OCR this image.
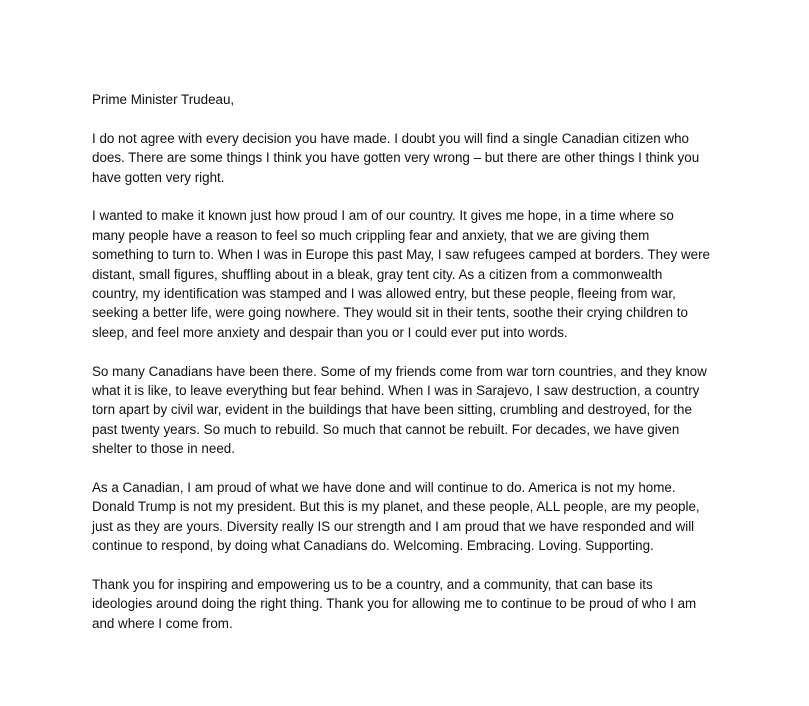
Prime Minister Trudeau,
I do not agree with every decision you have made. I doubt you will find a single Canadian citizen who
does. There are some things I think you have gotten very wrong – but there are other things I think you
have gotten very right.
I wanted to make it known just how proud I am of our country. It gives me hope, in a time where so
many people have a reason to feel so much crippling fear and anxiety, that we are giving them
something to turn to. When I was in Europe this past May, I saw refugees camped at borders. They were
distant, small figures, shuffling about in a bleak, gray tent city. As a citizen from a commonwealth
country, my identification was stamped and I was allowed entry, but these people, fleeing from war,
seeking a better life, were going nowhere. They would sit in their tents, soothe their crying children to
sleep, and feel more anxiety and despair than you or I could ever put into words.
So many Canadians have been there. Some of my friends come from war torn countries, and they know
what it is like, to leave everything but fear behind. When I was in Sarajevo, I saw destruction, a country
torn apart by civil war, evident in the buildings that have been sitting, crumbling and destroyed, for the
past twenty years. So much to rebuild. So much that cannot be rebuilt. For decades, we have given
shelter to those in need.
As a Canadian, I am proud of what we have done and will continue to do. America is not my home.
Donald Trump is not my president. But this is my planet, and these people, ALL people, are my people,
just as they are yours. Diversity really IS our strength and I am proud that we have responded and will
continue to respond, by doing what Canadians do. Welcoming. Embracing. Loving. Supporting.
Thank you for inspiring and empowering us to be a country, and a community, that can base its
ideologies around doing the right thing. Thank you for allowing me to continue to be proud of who I am
and where I come from.
